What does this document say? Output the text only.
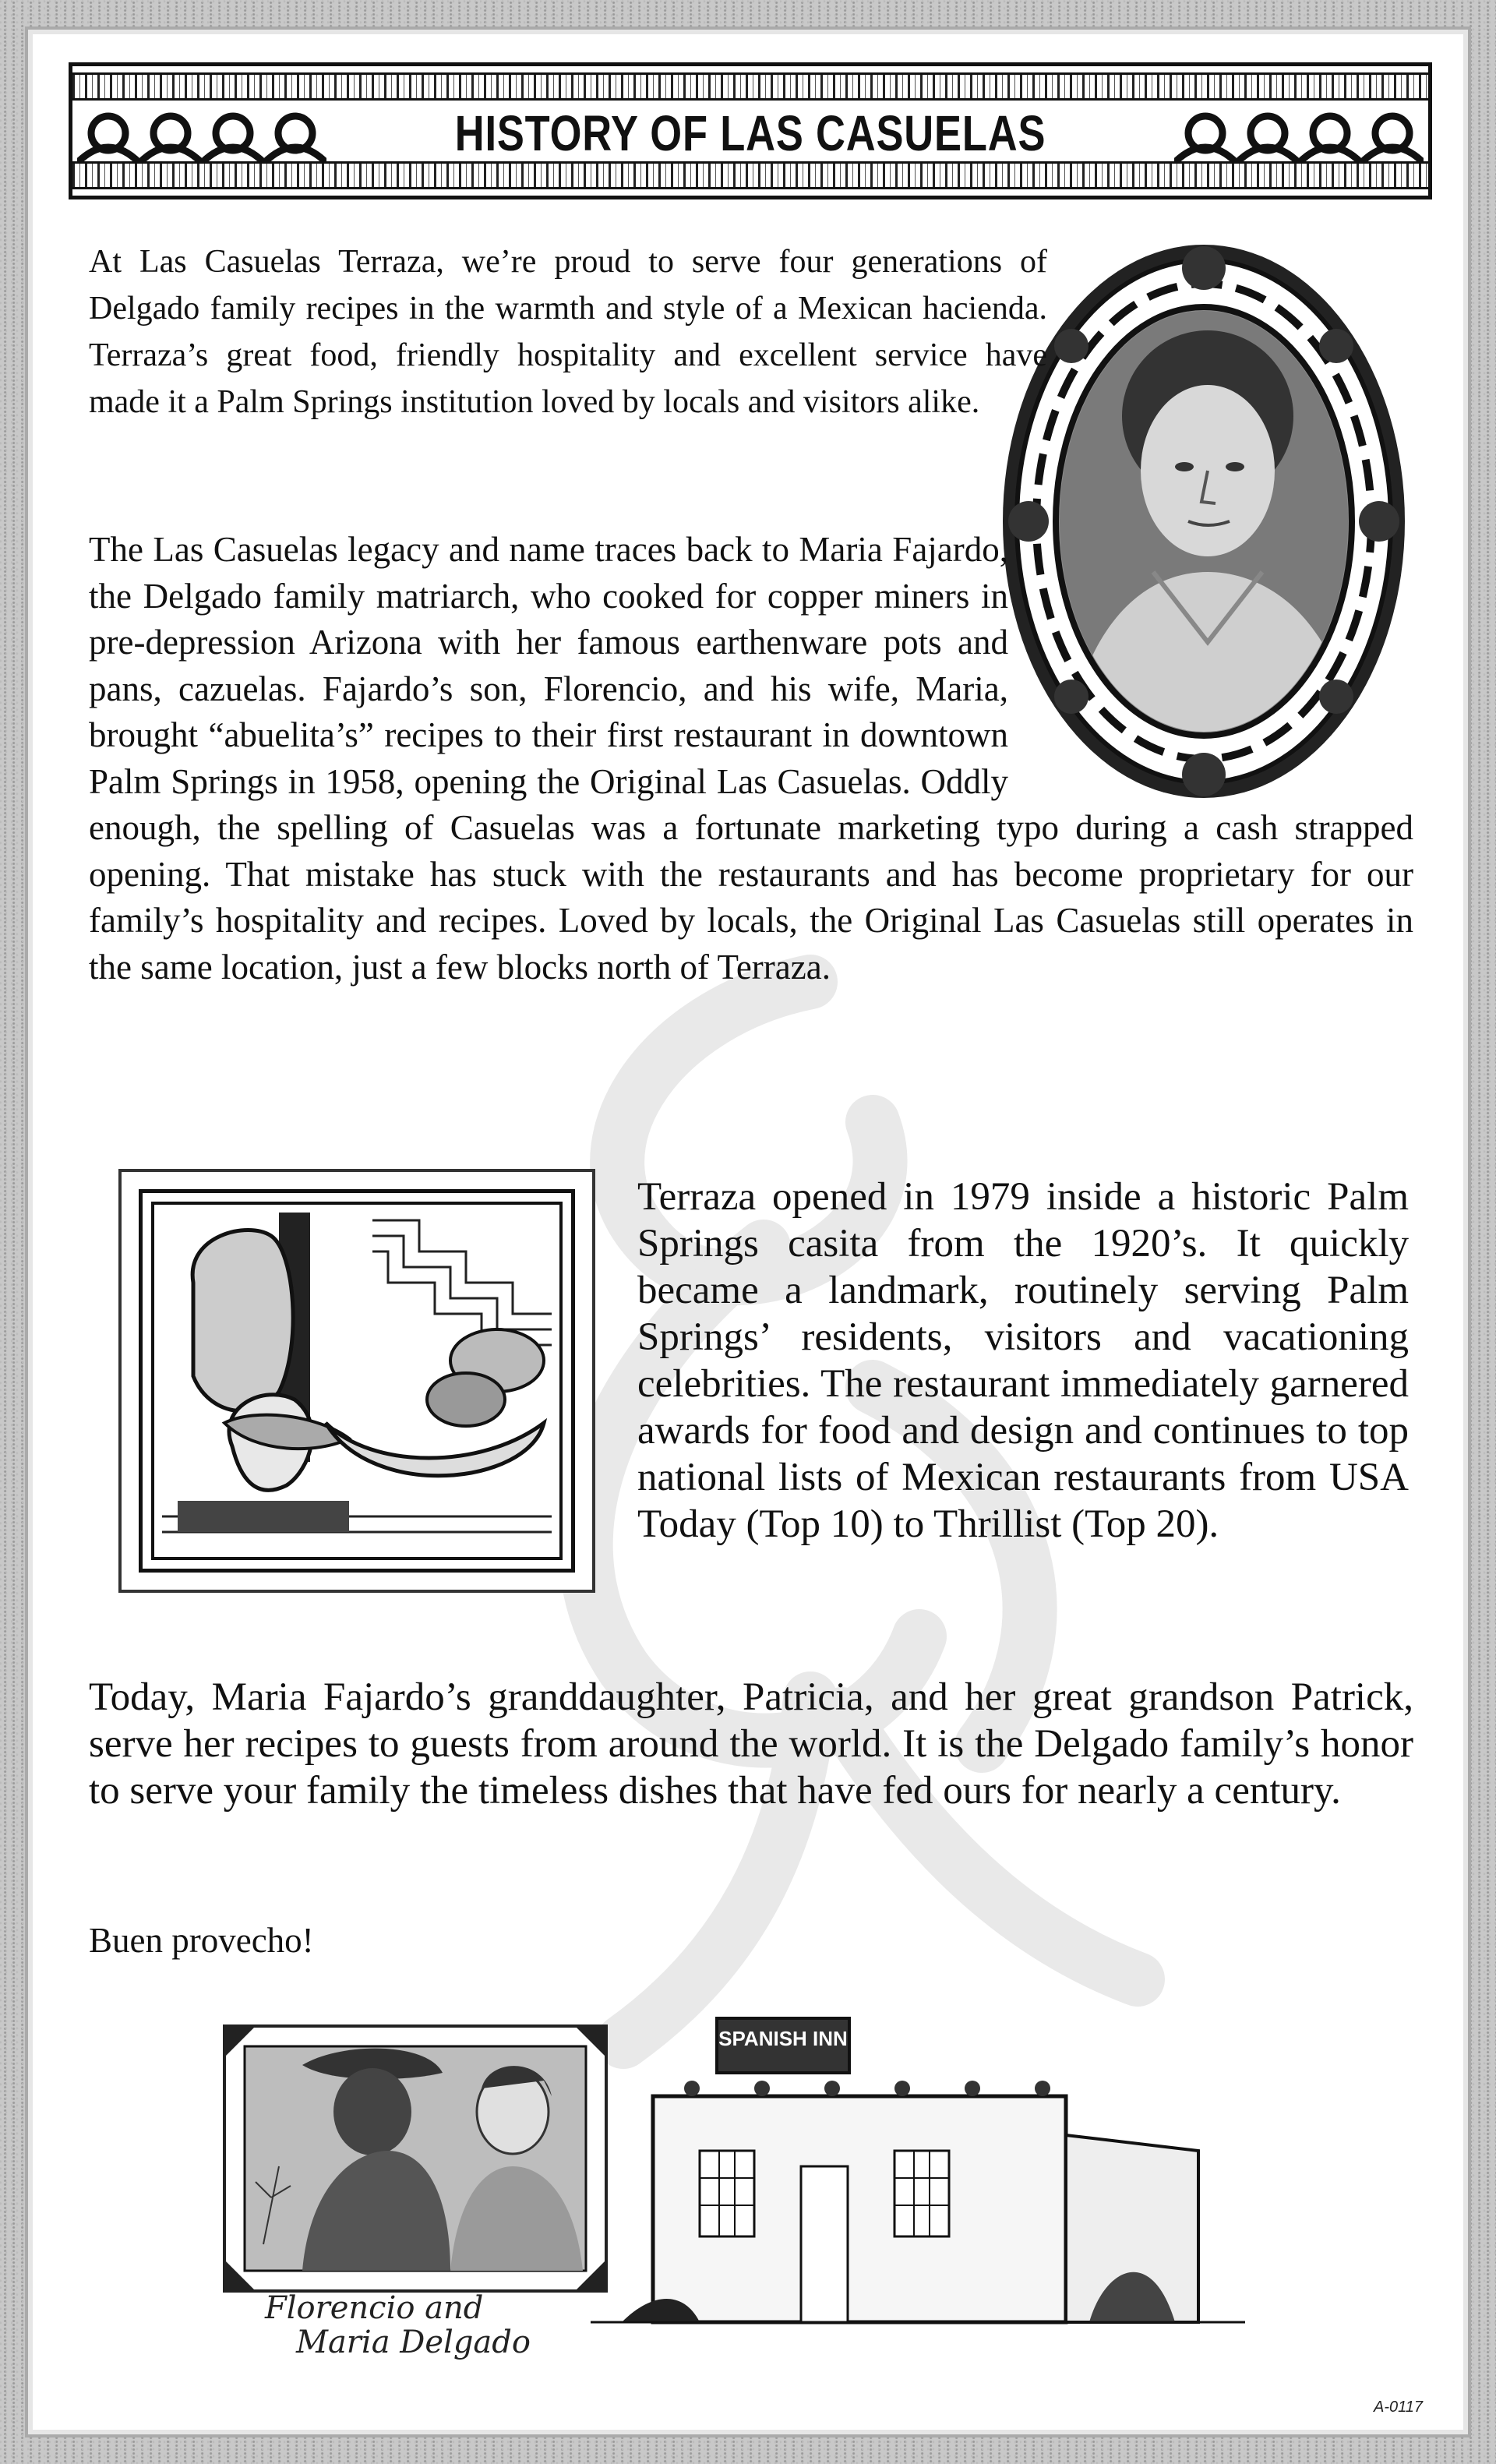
HISTORY OF LAS CASUELAS

At Las Casuelas Terraza, we’re proud to serve four generations of Delgado family recipes in the warmth and style of a Mexican hacienda. Terraza’s great food, friendly hospitality and excellent service have made it a Palm Springs institution loved by locals and visitors alike.

The Las Casuelas legacy and name traces back to Maria Fajardo, the Delgado family matriarch, who cooked for copper miners in pre-depression Arizona with her famous earthenware pots and pans, cazuelas. Fajardo’s son, Florencio, and his wife, Maria, brought “abuelita’s” recipes to their first restaurant in downtown Palm Springs in 1958, opening the Original Las Casuelas. Oddly enough, the spelling of Casuelas was a fortunate marketing typo during a cash strapped opening. That mistake has stuck with the restaurants and has become proprietary for our family’s hospitality and recipes. Loved by locals, the Original Las Casuelas still operates in the same location, just a few blocks north of Terraza.

Terraza opened in 1979 inside a historic Palm Springs casita from the 1920’s. It quickly became a landmark, routinely serving Palm Springs’ residents, visitors and vacationing celebrities. The restaurant immediately garnered awards for food and design and continues to top national lists of Mexican restaurants from USA Today (Top 10) to Thrillist (Top 20).

Today, Maria Fajardo’s granddaughter, Patricia, and her great grandson Patrick, serve her recipes to guests from around the world. It is the Delgado family’s honor to serve your family the timeless dishes that have fed ours for nearly a century.

Buen provecho!

SPANISH INN
Florencio and
Maria Delgado
A-0117
